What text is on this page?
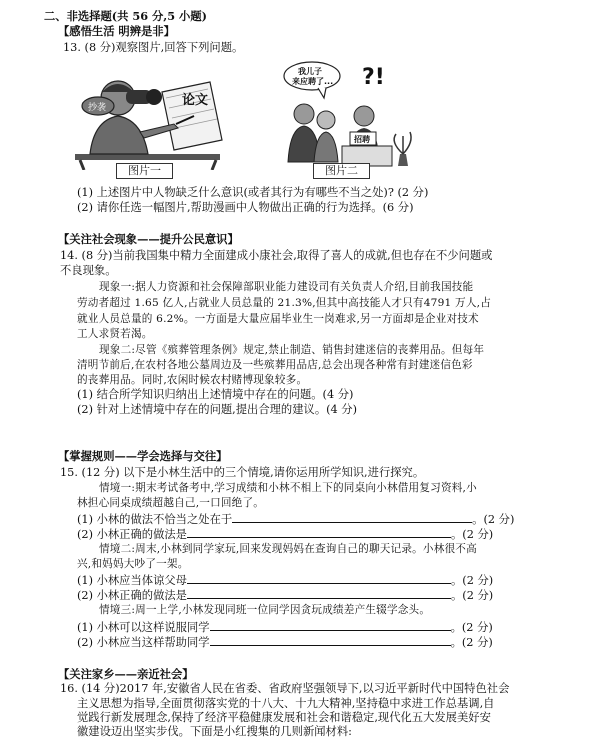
二、非选择题(共 56 分,5 小题)
【感悟生活 明辨是非】
13. (8 分)观察图片,回答下列问题。
抄袭	论文
图片一
我儿子
来应聘了... ?!
招聘
图片二
(1) 上述图片中人物缺乏什么意识(或者其行为有哪些不当之处)? (2 分)
(2) 请你任选一幅图片,帮助漫画中人物做出正确的行为选择。(6 分)
【关注社会现象——提升公民意识】
14. (8 分)当前我国集中精力全面建成小康社会,取得了喜人的成就,但也存在不少问题或
不良现象。
现象一:据人力资源和社会保障部职业能力建设司有关负责人介绍,目前我国技能
劳动者超过 1.65 亿人,占就业人员总量的 21.3%,但其中高技能人才只有4791 万人,占
就业人员总量的 6.2%。一方面是大量应届毕业生一岗难求,另一方面却是企业对技术
工人求贤若渴。
现象二:尽管《殡葬管理条例》规定,禁止制造、销售封建迷信的丧葬用品。但每年
清明节前后,在农村各地公墓周边及一些殡葬用品店,总会出现各种常有封建迷信色彩
的丧葬用品。同时,农闲时候农村赌博现象较多。
(1) 结合所学知识归纳出上述情境中存在的问题。(4 分)
(2) 针对上述情境中存在的问题,提出合理的建议。(4 分)
【掌握规则——学会选择与交往】
15. (12 分) 以下是小林生活中的三个情境,请你运用所学知识,进行探究。
情境一:期末考试备考中,学习成绩和小林不相上下的同桌向小林借用复习资料,小
林担心同桌成绩超越自己,一口回绝了。
(1) 小林的做法不恰当之处在于	。(2 分)
(2) 小林正确的做法是	。(2 分)
情境二:周末,小林到同学家玩,回来发现妈妈在查询自己的聊天记录。小林很不高
兴,和妈妈大吵了一架。
(1) 小林应当体谅父母	。(2 分)
(2) 小林正确的做法是	。(2 分)
情境三:周一上学,小林发现同班一位同学因贪玩成绩差产生辍学念头。
(1) 小林可以这样说服同学	。(2 分)
(2) 小林应当这样帮助同学	。(2 分)
【关注家乡——亲近社会】
16. (14 分)2017 年,安徽省人民在省委、省政府坚强领导下,以习近平新时代中国特色社会
主义思想为指导,全面贯彻落实党的十八大、十九大精神,坚持稳中求进工作总基调,自
觉践行新发展理念,保持了经济平稳健康发展和社会和谐稳定,现代化五大发展美好安
徽建设迈出坚实步伐。下面是小红搜集的几则新闻材料:
